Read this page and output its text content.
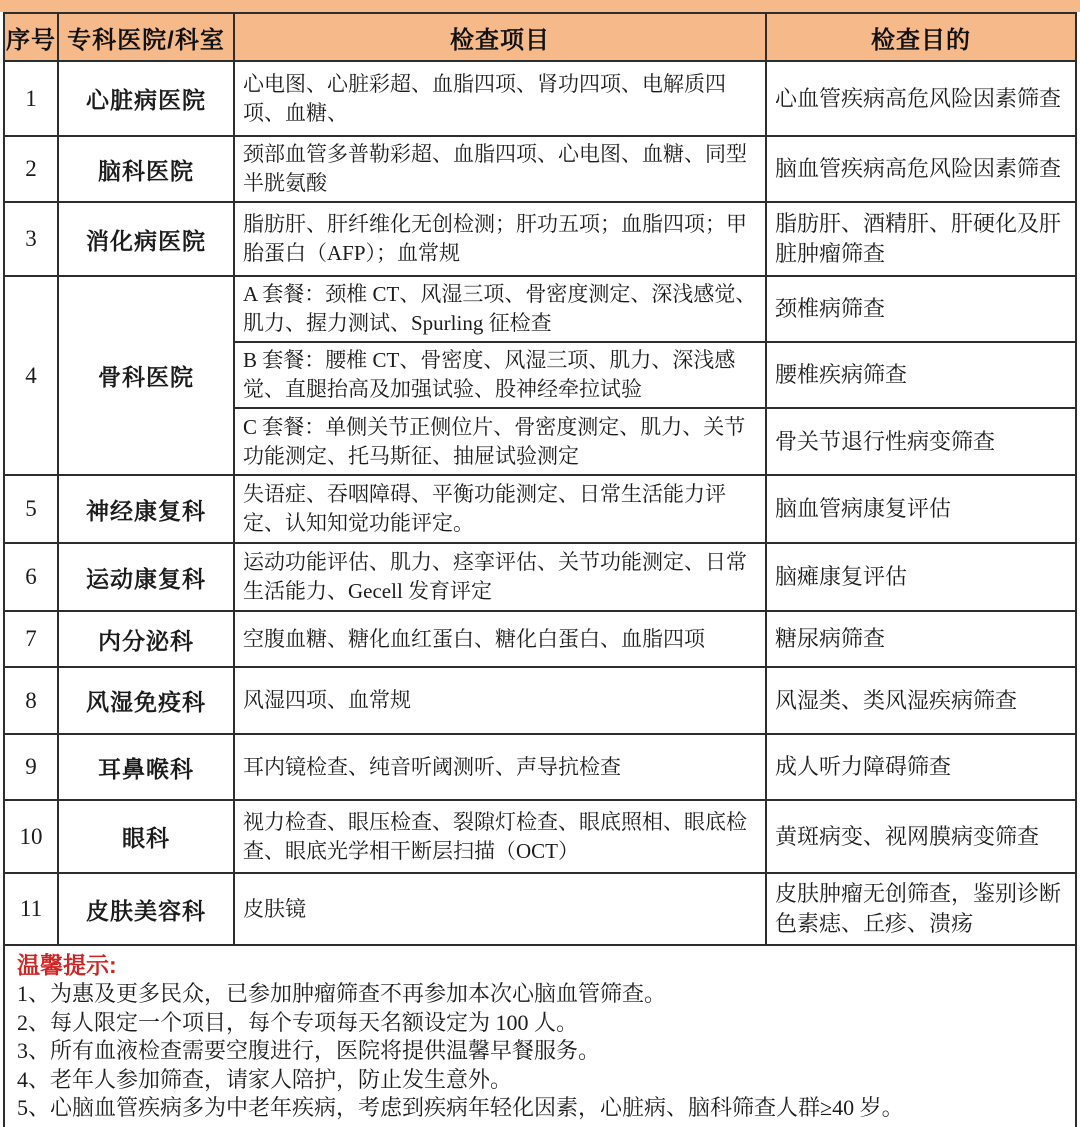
序号	专科医院/科室	检查项目	检查目的
1	心脏病医院	心电图、心脏彩超、血脂四项、肾功四项、电解质四项、血糖、	心血管疾病高危风险因素筛查
2	脑科医院	颈部血管多普勒彩超、血脂四项、心电图、血糖、同型半胱氨酸	脑血管疾病高危风险因素筛查
3	消化病医院	脂肪肝、肝纤维化无创检测；肝功五项；血脂四项；甲胎蛋白（AFP）；血常规	脂肪肝、酒精肝、肝硬化及肝脏肿瘤筛查
4	骨科医院	A 套餐：颈椎 CT、风湿三项、骨密度测定、深浅感觉、肌力、握力测试、Spurling 征检查	颈椎病筛查
		B 套餐：腰椎 CT、骨密度、风湿三项、肌力、深浅感觉、直腿抬高及加强试验、股神经牵拉试验	腰椎疾病筛查
		C 套餐：单侧关节正侧位片、骨密度测定、肌力、关节功能测定、托马斯征、抽屉试验测定	骨关节退行性病变筛查
5	神经康复科	失语症、吞咽障碍、平衡功能测定、日常生活能力评定、认知知觉功能评定。	脑血管病康复评估
6	运动康复科	运动功能评估、肌力、痉挛评估、关节功能测定、日常生活能力、Gecell 发育评定	脑瘫康复评估
7	内分泌科	空腹血糖、糖化血红蛋白、糖化白蛋白、血脂四项	糖尿病筛查
8	风湿免疫科	风湿四项、血常规	风湿类、类风湿疾病筛查
9	耳鼻喉科	耳内镜检查、纯音听阈测听、声导抗检查	成人听力障碍筛查
10	眼科	视力检查、眼压检查、裂隙灯检查、眼底照相、眼底检查、眼底光学相干断层扫描（OCT）	黄斑病变、视网膜病变筛查
11	皮肤美容科	皮肤镜	皮肤肿瘤无创筛查，鉴别诊断色素痣、丘疹、溃疡
温馨提示:
1、为惠及更多民众，已参加肿瘤筛查不再参加本次心脑血管筛查。
2、每人限定一个项目，每个专项每天名额设定为 100 人。
3、所有血液检查需要空腹进行，医院将提供温馨早餐服务。
4、老年人参加筛查，请家人陪护，防止发生意外。
5、心脑血管疾病多为中老年疾病，考虑到疾病年轻化因素，心脏病、脑科筛查人群≥40 岁。
